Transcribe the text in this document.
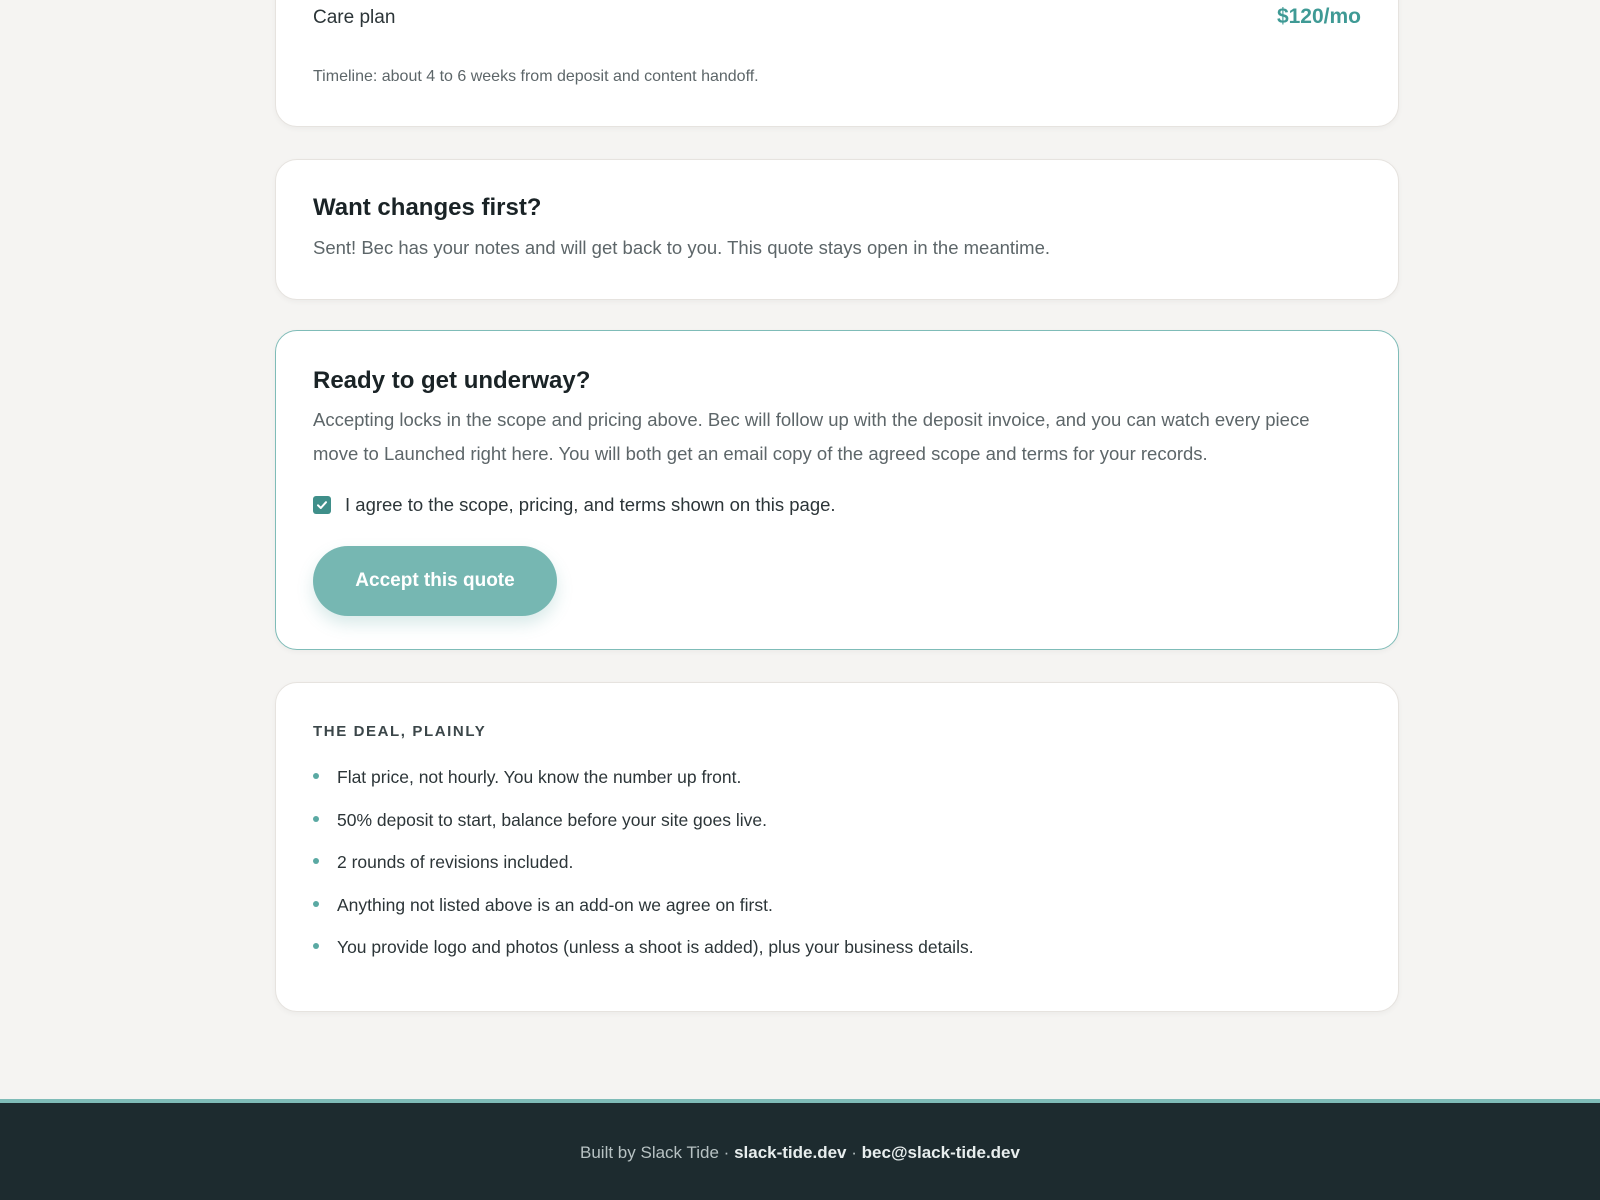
Care plan	$120/mo
Timeline: about 4 to 6 weeks from deposit and content handoff.
Want changes first?
Sent! Bec has your notes and will get back to you. This quote stays open in the meantime.
Ready to get underway?

Accepting locks in the scope and pricing above. Bec will follow up with the deposit invoice, and you can watch every piece move to Launched right here. You will both get an email copy of the agreed scope and terms for your records.

I agree to the scope, pricing, and terms shown on this page.
Accept this quote
THE DEAL, PLAINLY
Flat price, not hourly. You know the number up front.
50% deposit to start, balance before your site goes live.
2 rounds of revisions included.
Anything not listed above is an add-on we agree on first.
You provide logo and photos (unless a shoot is added), plus your business details.
Built by Slack Tide · slack-tide.dev · bec@slack-tide.dev
